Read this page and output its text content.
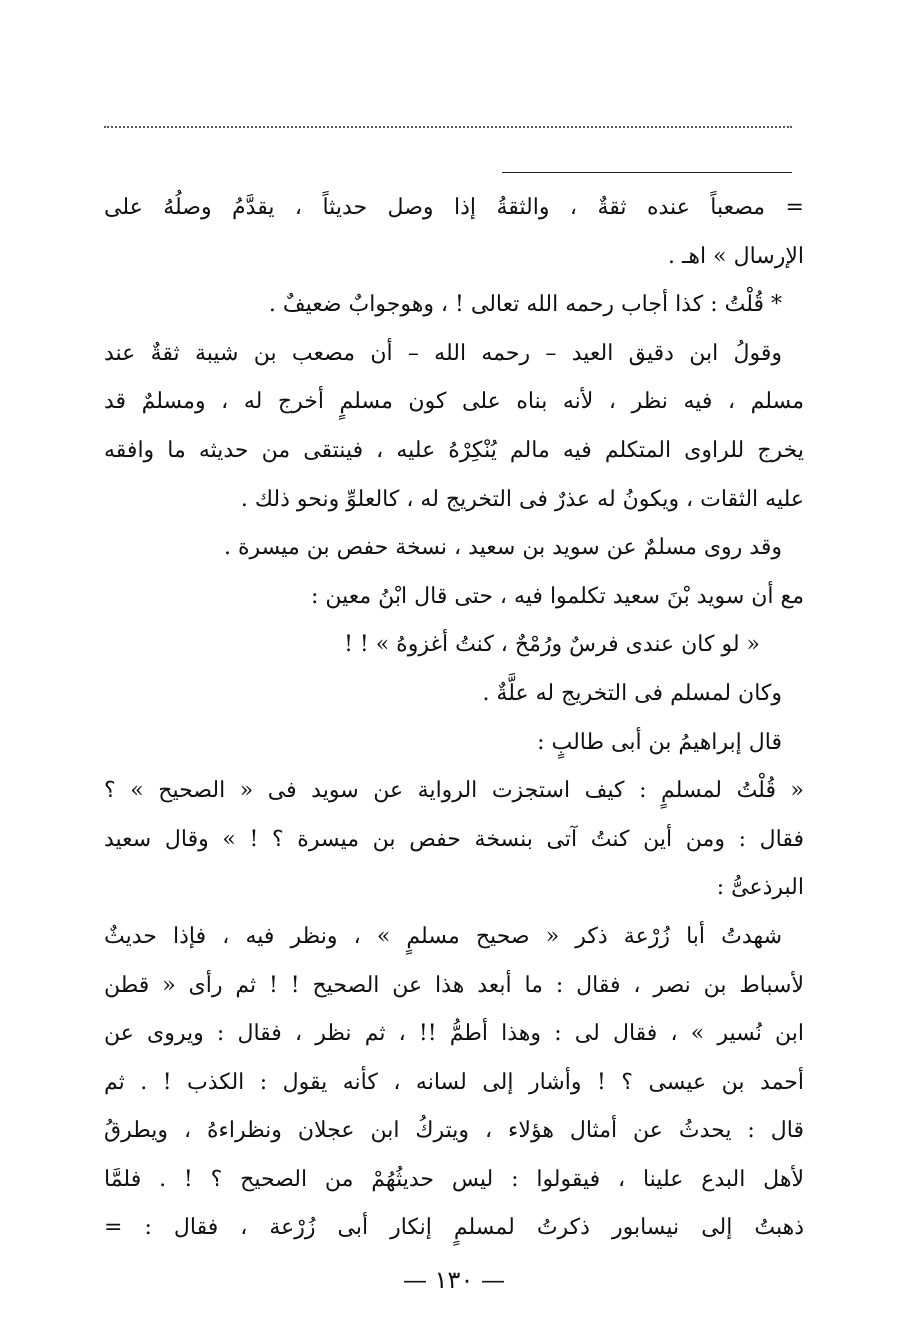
= مصعباً عنده ثقةٌ ، والثقةُ إذا وصل حديثاً ، يقدَّمُ وصلُهُ على
الإرسال » اهـ .
* قُلْتُ : كذا أجاب رحمه الله تعالى ! ، وهوجوابٌ ضعيفٌ .
وقولُ ابن دقيق العيد – رحمه الله – أن مصعب بن شيبة ثقةٌ عند
مسلم ، فيه نظر ، لأنه بناه على كون مسلمٍ أخرج له ، ومسلمٌ قد
يخرج للراوى المتكلم فيه مالم يُنْكِرْهُ عليه ، فينتقى من حديثه ما وافقه
عليه الثقات ، ويكونُ له عذرٌ فى التخريج له ، كالعلوِّ ونحو ذلك .
وقد روى مسلمٌ عن سويد بن سعيد ، نسخة حفص بن ميسرة .
مع أن سويد بْنَ سعيد تكلموا فيه ، حتى قال ابْنُ معين :
« لو كان عندى فرسٌ ورُمْحٌ ، كنتُ أغزوهُ » ! !
وكان لمسلم فى التخريج له علَّةٌ .
قال إبراهيمُ بن أبى طالبٍ :
« قُلْتُ لمسلمٍ : كيف استجزت الرواية عن سويد فى « الصحيح » ؟
فقال : ومن أين كنتُ آتى بنسخة حفص بن ميسرة ؟ ! » وقال سعيد
البرذعىُّ :
شهدتُ أبا زُرْعة ذكر « صحيح مسلمٍ » ، ونظر فيه ، فإذا حديثٌ
لأسباط بن نصر ، فقال : ما أبعد هذا عن الصحيح ! ! ثم رأى « قطن
ابن نُسير » ، فقال لى : وهذا أطمُّ !! ، ثم نظر ، فقال : ويروى عن
أحمد بن عيسى ؟ ! وأشار إلى لسانه ، كأنه يقول : الكذب ! . ثم
قال : يحدثُ عن أمثال هؤلاء ، ويتركُ ابن عجلان ونظراءهُ ، ويطرقُ
لأهل البدع علينا ، فيقولوا : ليس حديثُهُمْ من الصحيح ؟ ! . فلمَّا
ذهبتُ إلى نيسابور ذكرتُ لمسلمٍ إنكار أبى زُرْعة ، فقال : =
— ١٣٠ —
